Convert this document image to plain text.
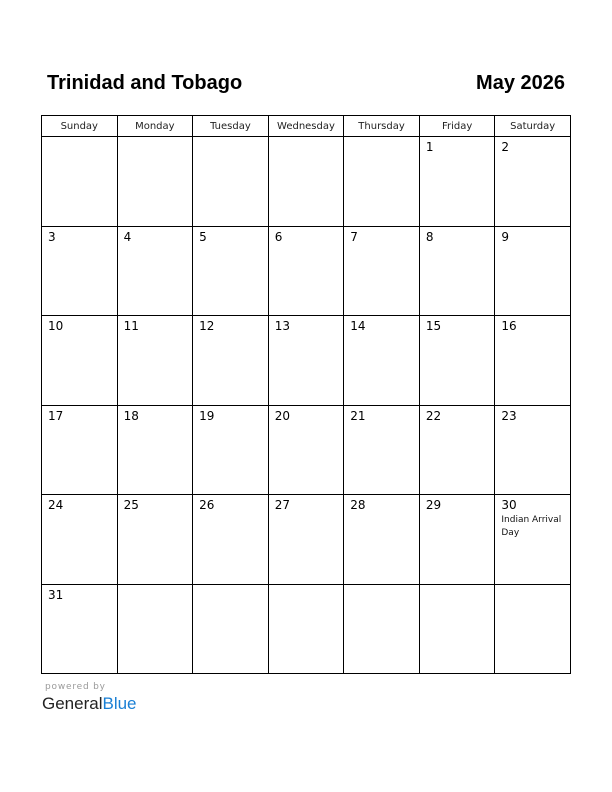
Trinidad and Tobago	May 2026
Sunday	Monday	Tuesday	Wednesday	Thursday	Friday	Saturday

					1	2

3	4	5	6	7	8	9

10	11	12	13	14	15	16

17	18	19	20	21	22	23

24	25	26	27	28	29	30
Indian Arrival Day

31						

powered by
GeneralBlue
